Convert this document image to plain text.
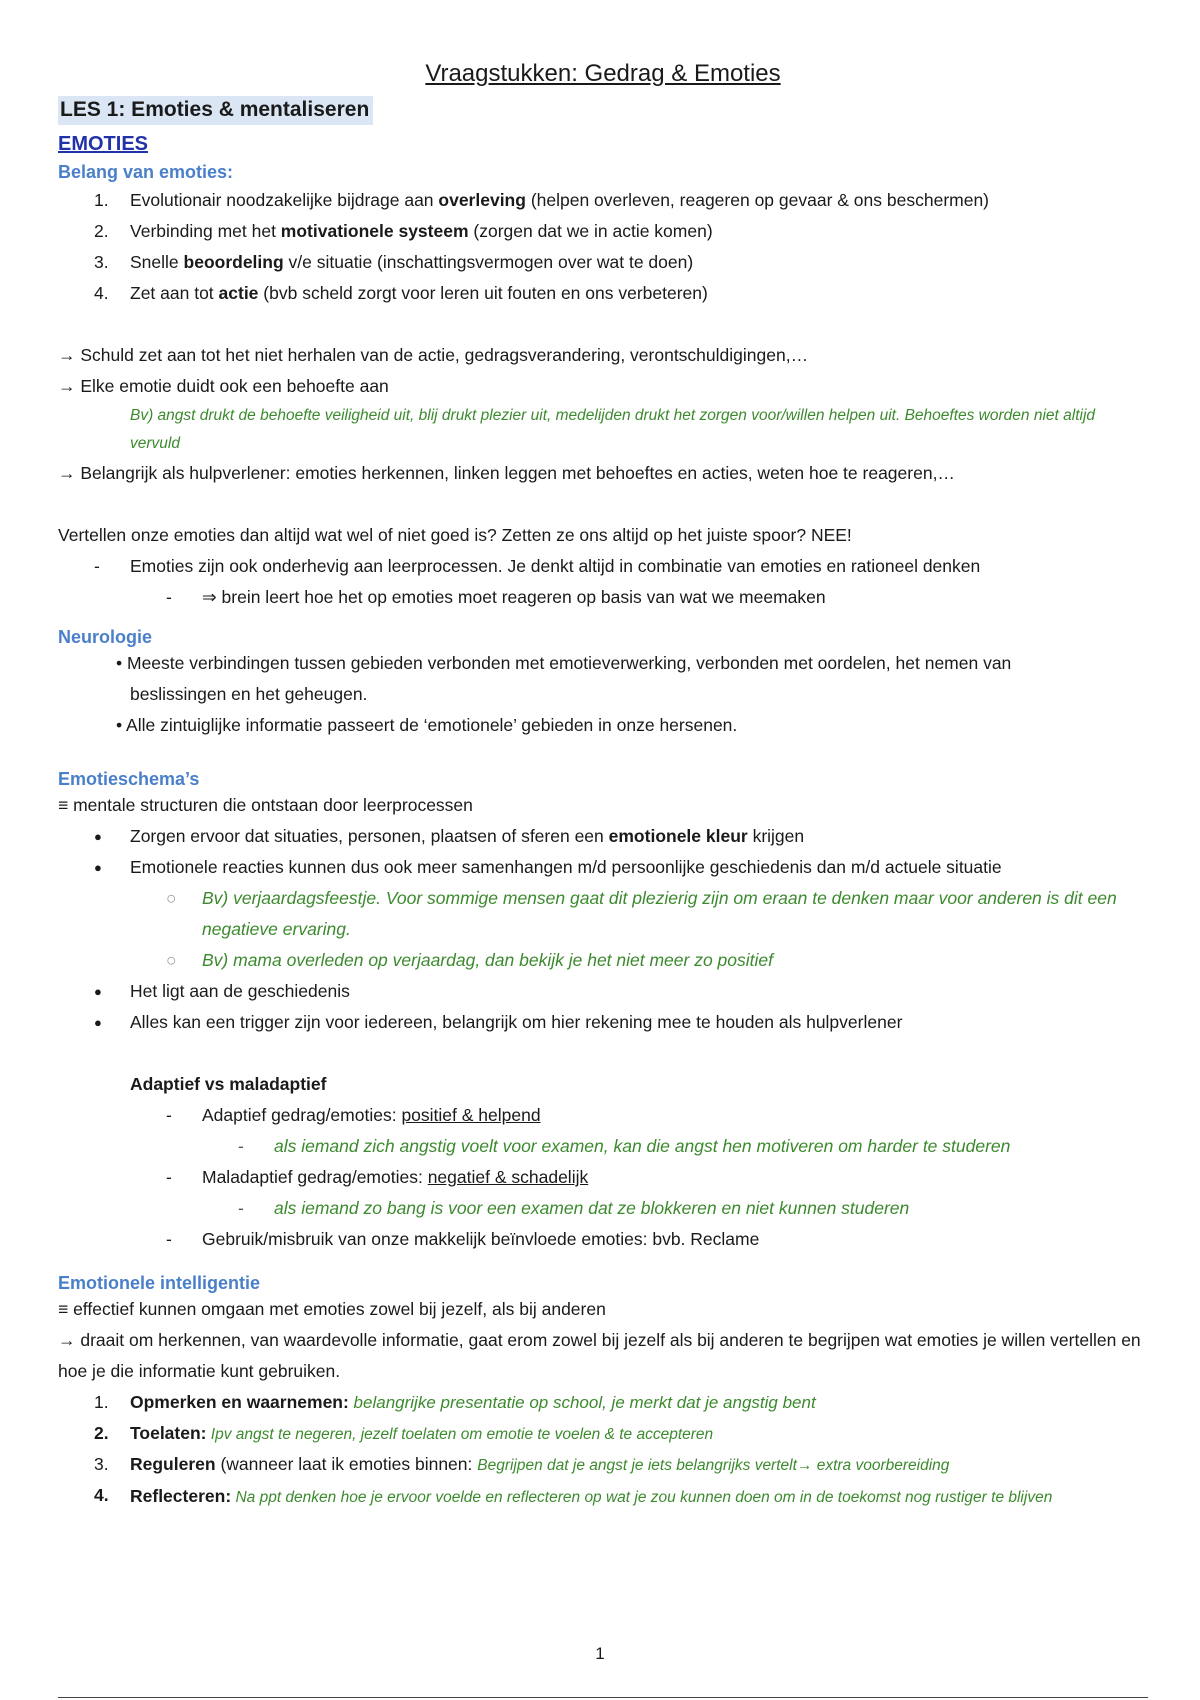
Vraagstukken: Gedrag & Emoties
LES 1: Emoties & mentaliseren
EMOTIES
Belang van emoties:
1.	Evolutionair noodzakelijke bijdrage aan overleving (helpen overleven, reageren op gevaar & ons beschermen)
2.	Verbinding met het motivationele systeem (zorgen dat we in actie komen)
3.	Snelle beoordeling v/e situatie (inschattingsvermogen over wat te doen)
4.	Zet aan tot actie (bvb scheld zorgt voor leren uit fouten en ons verbeteren)
→ Schuld zet aan tot het niet herhalen van de actie, gedragsverandering, verontschuldigingen,…
→ Elke emotie duidt ook een behoefte aan
Bv) angst drukt de behoefte veiligheid uit, blij drukt plezier uit, medelijden drukt het zorgen voor/willen helpen uit. Behoeftes worden niet altijd vervuld
→ Belangrijk als hulpverlener: emoties herkennen, linken leggen met behoeftes en acties, weten hoe te reageren,…
Vertellen onze emoties dan altijd wat wel of niet goed is? Zetten ze ons altijd op het juiste spoor? NEE!
-	Emoties zijn ook onderhevig aan leerprocessen. Je denkt altijd in combinatie van emoties en rationeel denken
-	⇒ brein leert hoe het op emoties moet reageren op basis van wat we meemaken
Neurologie
• Meeste verbindingen tussen gebieden verbonden met emotieverwerking, verbonden met oordelen, het nemen van beslissingen en het geheugen.
• Alle zintuiglijke informatie passeert de ‘emotionele’ gebieden in onze hersenen.
Emotieschema’s
≡ mentale structuren die ontstaan door leerprocessen
●	Zorgen ervoor dat situaties, personen, plaatsen of sferen een emotionele kleur krijgen
●	Emotionele reacties kunnen dus ook meer samenhangen m/d persoonlijke geschiedenis dan m/d actuele situatie
○	Bv) verjaardagsfeestje. Voor sommige mensen gaat dit plezierig zijn om eraan te denken maar voor anderen is dit een negatieve ervaring.
○	Bv) mama overleden op verjaardag, dan bekijk je het niet meer zo positief
●	Het ligt aan de geschiedenis
●	Alles kan een trigger zijn voor iedereen, belangrijk om hier rekening mee te houden als hulpverlener
Adaptief vs maladaptief
-	Adaptief gedrag/emoties: positief & helpend
-	als iemand zich angstig voelt voor examen, kan die angst hen motiveren om harder te studeren
-	Maladaptief gedrag/emoties: negatief & schadelijk
-	als iemand zo bang is voor een examen dat ze blokkeren en niet kunnen studeren
-	Gebruik/misbruik van onze makkelijk beïnvloede emoties: bvb. Reclame
Emotionele intelligentie
≡ effectief kunnen omgaan met emoties zowel bij jezelf, als bij anderen
→ draait om herkennen, van waardevolle informatie, gaat erom zowel bij jezelf als bij anderen te begrijpen wat emoties je willen vertellen en hoe je die informatie kunt gebruiken.
1.	Opmerken en waarnemen: belangrijke presentatie op school, je merkt dat je angstig bent
2.	Toelaten: Ipv angst te negeren, jezelf toelaten om emotie te voelen & te accepteren
3.	Reguleren (wanneer laat ik emoties binnen: Begrijpen dat je angst je iets belangrijks vertelt→ extra voorbereiding
4.	Reflecteren: Na ppt denken hoe je ervoor voelde en reflecteren op wat je zou kunnen doen om in de toekomst nog rustiger te blijven
1
